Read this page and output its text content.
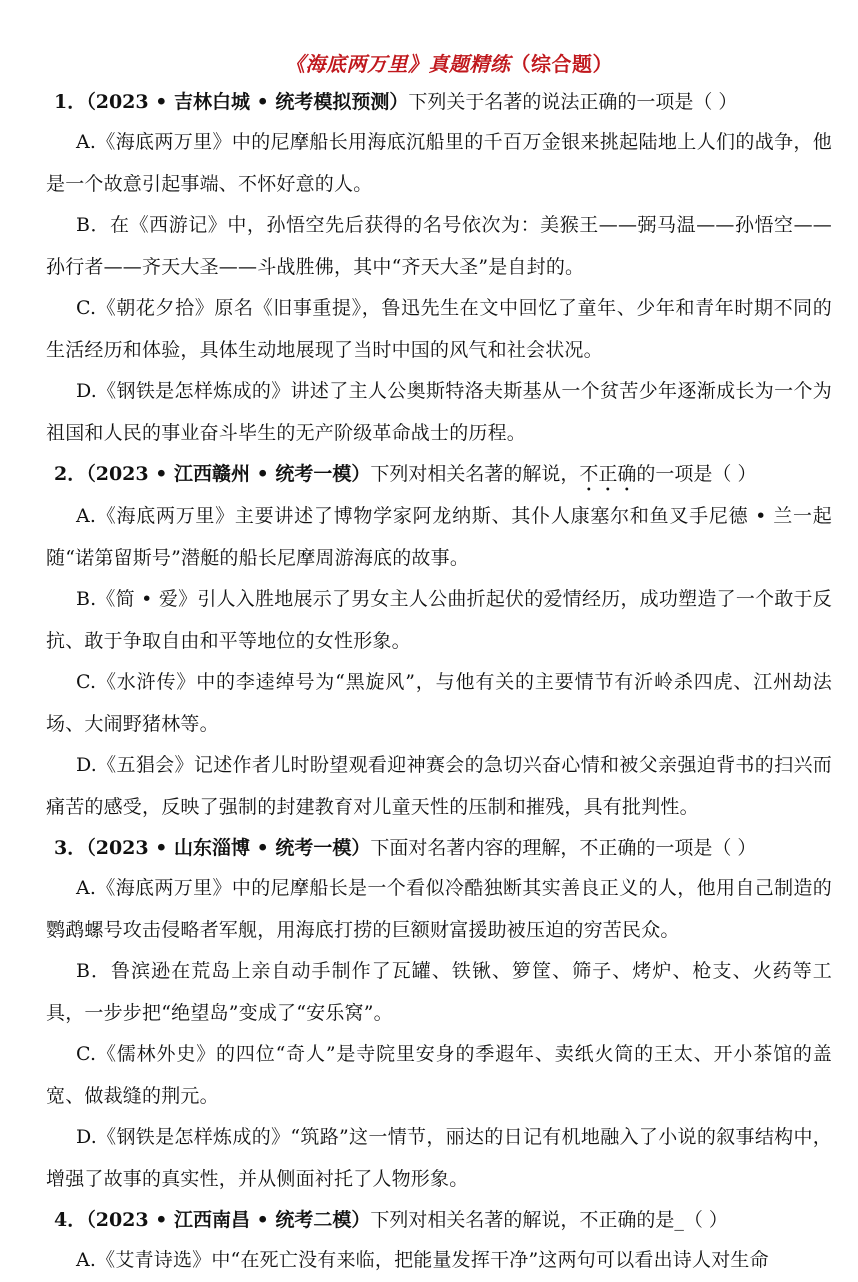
《海底两万里》真题精练（综合题）
1．（2023 • 吉林白城 • 统考模拟预测）下列关于名著的说法正确的一项是（ ）

A.《海底两万里》中的尼摩船长用海底沉船里的千百万金银来挑起陆地上人们的战争，他是一个故意引起事端、不怀好意的人。

B．在《西游记》中，孙悟空先后获得的名号依次为：美猴王——弼马温——孙悟空——孙行者——齐天大圣——斗战胜佛，其中“齐天大圣”是自封的。

C.《朝花夕拾》原名《旧事重提》，鲁迅先生在文中回忆了童年、少年和青年时期不同的生活经历和体验，具体生动地展现了当时中国的风气和社会状况。

D.《钢铁是怎样炼成的》讲述了主人公奥斯特洛夫斯基从一个贫苦少年逐渐成长为一个为祖国和人民的事业奋斗毕生的无产阶级革命战士的历程。

2．（2023 • 江西赣州 • 统考一模）下列对相关名著的解说，不正确的一项是（ ）

A.《海底两万里》主要讲述了博物学家阿龙纳斯、其仆人康塞尔和鱼叉手尼德 • 兰一起随“诺第留斯号”潜艇的船长尼摩周游海底的故事。

B.《简 • 爱》引人入胜地展示了男女主人公曲折起伏的爱情经历，成功塑造了一个敢于反抗、敢于争取自由和平等地位的女性形象。

C.《水浒传》中的李逵绰号为“黑旋风”，与他有关的主要情节有沂岭杀四虎、江州劫法场、大闹野猪林等。

D.《五猖会》记述作者儿时盼望观看迎神赛会的急切兴奋心情和被父亲强迫背书的扫兴而痛苦的感受，反映了强制的封建教育对儿童天性的压制和摧残，具有批判性。

3．（2023 • 山东淄博 • 统考一模）下面对名著内容的理解，不正确的一项是（ ）

A.《海底两万里》中的尼摩船长是一个看似冷酷独断其实善良正义的人，他用自己制造的鹦鹉螺号攻击侵略者军舰，用海底打捞的巨额财富援助被压迫的穷苦民众。

B．鲁滨逊在荒岛上亲自动手制作了瓦罐、铁锹、箩筐、筛子、烤炉、枪支、火药等工具，一步步把“绝望岛”变成了“安乐窝”。

C.《儒林外史》的四位“奇人”是寺院里安身的季遐年、卖纸火筒的王太、开小茶馆的盖宽、做裁缝的荆元。

D.《钢铁是怎样炼成的》“筑路”这一情节，丽达的日记有机地融入了小说的叙事结构中，增强了故事的真实性，并从侧面衬托了人物形象。

4．（2023 • 江西南昌 • 统考二模）下列对相关名著的解说，不正确的是_（ ）

A.《艾青诗选》中“在死亡没有来临，把能量发挥干净”这两句可以看出诗人对生命
